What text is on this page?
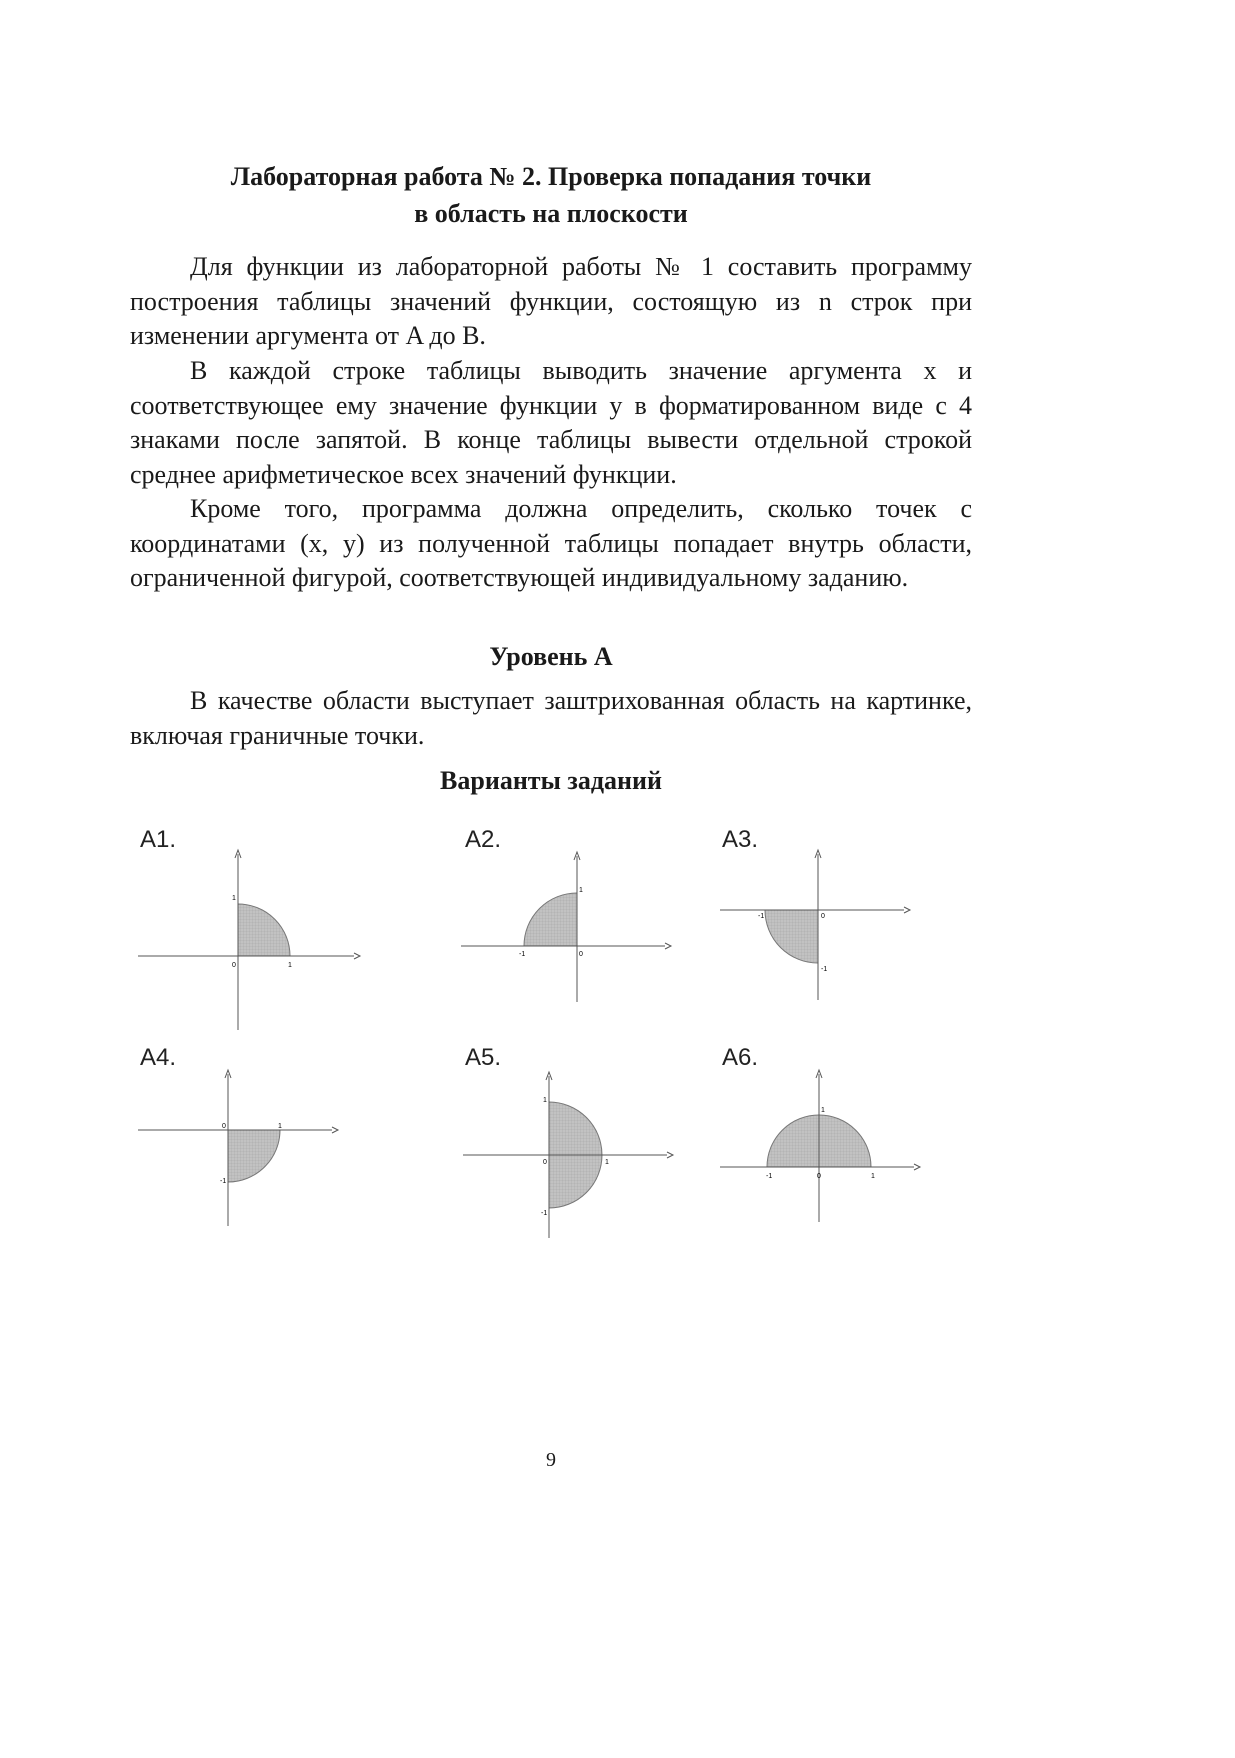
Лабораторная работа № 2. Проверка попадания точки
в область на плоскости

Для функции из лабораторной работы № 1 составить программу построения таблицы значений функции, состоящую из n строк при изменении аргумента от A до B.

В каждой строке таблицы выводить значение аргумента x и соответствующее ему значение функции y в форматированном виде с 4 знаками после запятой. В конце таблицы вывести отдельной строкой среднее арифметическое всех значений функции.

Кроме того, программа должна определить, сколько точек с координатами (x, y) из полученной таблицы попадает внутрь области, ограниченной фигурой, соответствующей индивидуальному заданию.

Уровень А

В качестве области выступает заштрихованная область на картинке, включая граничные точки.

Варианты заданий
А1.	А2.	А3.
А4.	А5.	А6.
0	1
1
0
-1
1
0
-1
-1
0	1
-1
0	1
1
-1
0
-1	1
1
9
